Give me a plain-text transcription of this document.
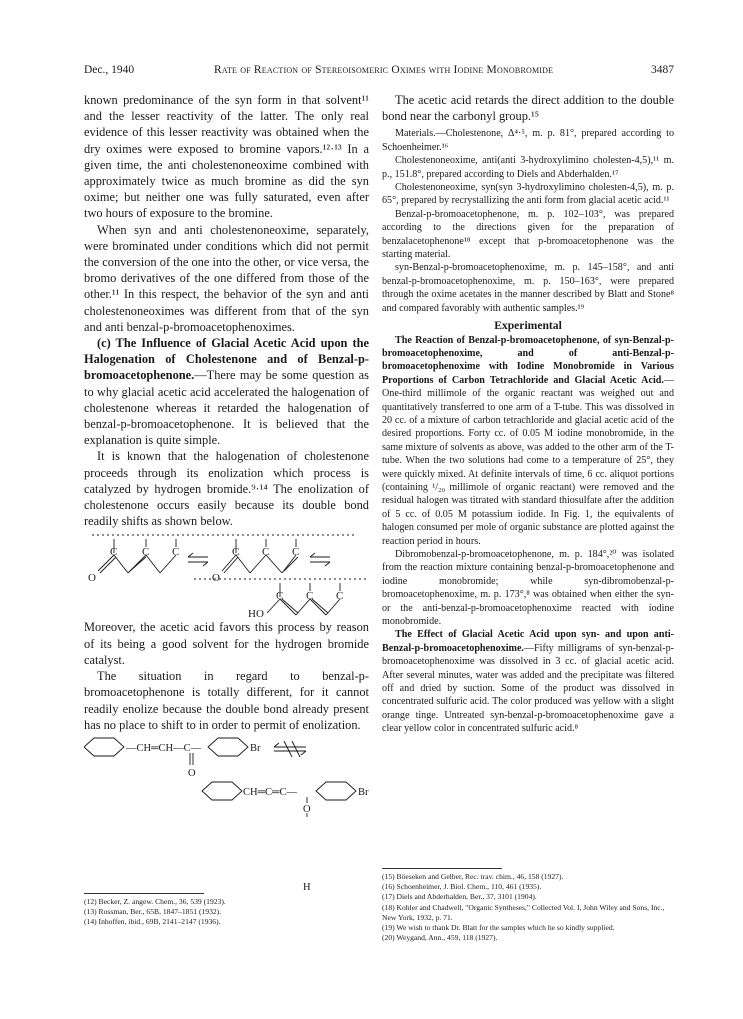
Dec., 1940	Rate of Reaction of Stereoisomeric Oximes with Iodine Monobromide	3487

known predominance of the syn form in that solvent¹¹ and the lesser reactivity of the latter. The only real evidence of this lesser reactivity was obtained when the dry oximes were exposed to bromine vapors.¹²·¹³ In a given time, the anti cholestenoneoxime combined with approximately twice as much bromine as did the syn oxime; but neither one was fully saturated, even after two hours of exposure to the bromine.

When syn and anti cholestenoneoxime, separately, were brominated under conditions which did not permit the conversion of the one into the other, or vice versa, the bromo derivatives of the one differed from those of the other.¹¹ In this respect, the behavior of the syn and anti cholestenoneoximes was different from that of the syn and anti benzal-p-bromoacetophenoximes.

(c) The Influence of Glacial Acetic Acid upon the Halogenation of Cholestenone and of Benzal-p-bromoacetophenone.—There may be some question as to why glacial acetic acid accelerated the halogenation of cholestenone whereas it retarded the halogenation of benzal-p-bromoacetophenone. It is believed that the explanation is quite simple.

It is known that the halogenation of cholestenone proceeds through its enolization which process is catalyzed by hydrogen bromide.⁹·¹⁴ The enolization of cholestenone occurs easily because its double bond readily shifts as shown below.

O
C C C
O
C C C
HO
C C C

Moreover, the acetic acid favors this process by reason of its being a good solvent for the hydrogen bromide catalyst.

The situation in regard to benzal-p-bromoacetophenone is totally different, for it cannot readily enolize because the double bond already present has no place to shift to in order to permit of enolization.

—CH═CH—C—	Br
O
CH═C═C—	Br
O
(12) Becker, Z. angew. Chem., 36, 539 (1923).
(13) Rossman, Ber., 65B, 1847–1851 (1932).
(14) Inhoffen, ibid., 69B, 2141–2147 (1936).

The acetic acid retards the direct addition to the double bond near the carbonyl group.¹⁵

Materials.—Cholestenone, Δ⁴·⁵, m. p. 81°, prepared according to Schoenheimer.¹⁶

Cholestenoneoxime, anti(anti 3-hydroxylimino cholesten-4,5),¹¹ m. p., 151.8°, prepared according to Diels and Abderhalden.¹⁷

Cholestenoneoxime, syn(syn 3-hydroxylimino cholesten-4,5), m. p. 65°, prepared by recrystallizing the anti form from glacial acetic acid.¹¹

Benzal-p-bromoacetophenone, m. p. 102–103°, was prepared according to the directions given for the preparation of benzalacetophenone¹⁸ except that p-bromoacetophenone was the starting material.

syn-Benzal-p-bromoacetophenoxime, m. p. 145–158°, and anti benzal-p-bromoacetophenoxime, m. p. 150–163°, were prepared through the oxime acetates in the manner described by Blatt and Stone⁸ and compared favorably with authentic samples.¹⁹

Experimental

The Reaction of Benzal-p-bromoacetophenone, of syn-Benzal-p-bromoacetophenoxime, and of anti-Benzal-p-bromoacetophenoxime with Iodine Monobromide in Various Proportions of Carbon Tetrachloride and Glacial Acetic Acid.—One-third millimole of the organic reactant was weighed out and quantitatively transferred to one arm of a T-tube. This was dissolved in 20 cc. of a mixture of carbon tetrachloride and glacial acetic acid of the desired proportions. Forty cc. of 0.05 M iodine monobromide, in the same mixture of solvents as above, was added to the other arm of the T-tube. When the two solutions had come to a temperature of 25°, they were quickly mixed. At definite intervals of time, 6 cc. aliquot portions (containing ¹/₂₀ millimole of organic reactant) were removed and the residual halogen was titrated with standard thiosulfate after the addition of 5 cc. of 0.05 M potassium iodide. In Fig. 1, the equivalents of halogen consumed per mole of organic substance are plotted against the reaction period in hours.

Dibromobenzal-p-bromoacetophenone, m. p. 184°,²⁰ was isolated from the reaction mixture containing benzal-p-bromoacetophenone and iodine monobromide; while syn-dibromobenzal-p-bromoacetophenoxime, m. p. 173°,⁸ was obtained when either the syn- or the anti-benzal-p-bromoacetophenoxime reacted with iodine monobromide.

The Effect of Glacial Acetic Acid upon syn- and upon anti-Benzal-p-bromoacetophenoxime.—Fifty milligrams of syn-benzal-p-bromoacetophenoxime was dissolved in 3 cc. of glacial acetic acid. After several minutes, water was added and the precipitate was filtered off and dried by suction. Some of the product was dissolved in concentrated sulfuric acid. The color produced was yellow with a slight orange tinge. Untreated syn-benzal-p-bromoacetophenoxime gave a clear yellow color in concentrated sulfuric acid.⁸

(15) Böeseken and Gelber, Rec. trav. chim., 46, 158 (1927).
(16) Schoenheimer, J. Biol. Chem., 110, 461 (1935).
(17) Diels and Abderhalden, Ber., 37, 3101 (1904).
(18) Kohler and Chadwell, "Organic Syntheses," Collected Vol. I, John Wiley and Sons, Inc., New York, 1932, p. 71.
(19) We wish to thank Dr. Blatt for the samples which he so kindly supplied.
(20) Weygand, Ann., 459, 118 (1927).
H
